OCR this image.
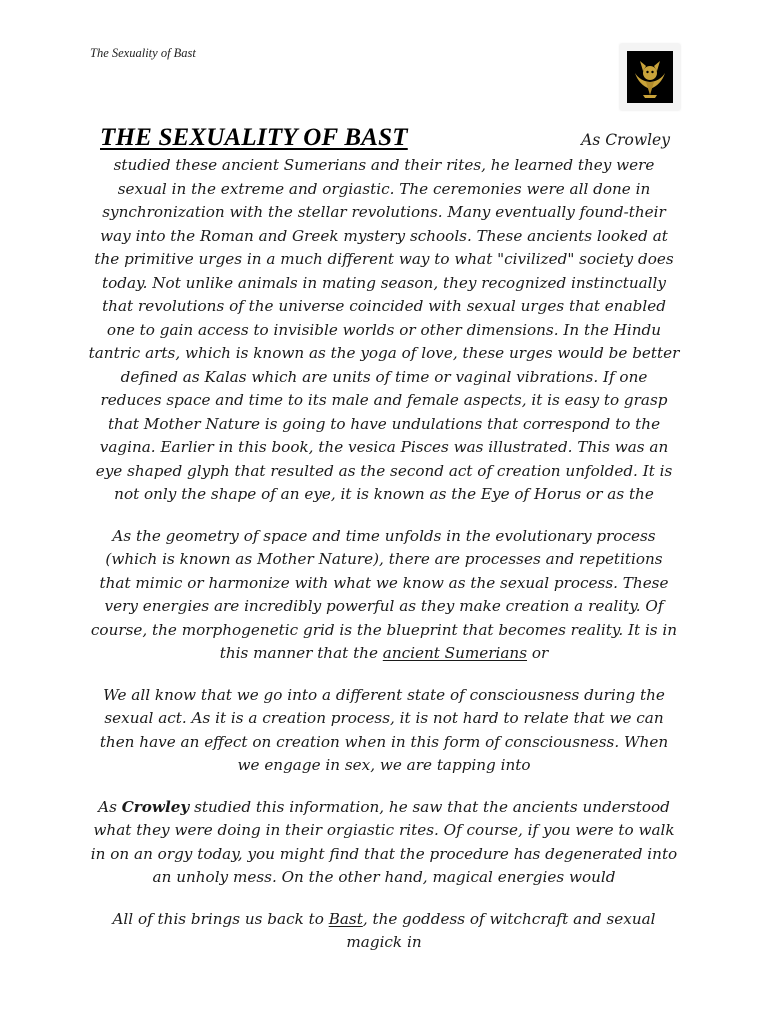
The Sexuality of Bast
THE SEXUALITY OF BAST	As Crowley

studied these ancient Sumerians and their rites, he learned they were sexual in the extreme and orgiastic. The ceremonies were all done in synchronization with the stellar revolutions. Many eventually found-their way into the Roman and Greek mystery schools. These ancients looked at the primitive urges in a much different way to what "civilized" society does today. Not unlike animals in mating season, they recognized instinctually that revolutions of the universe coincided with sexual urges that enabled one to gain access to invisible worlds or other dimensions. In the Hindu tantric arts, which is known as the yoga of love, these urges would be better defined as Kalas which are units of time or vaginal vibrations. If one reduces space and time to its male and female aspects, it is easy to grasp that Mother Nature is going to have undulations that correspond to the vagina. Earlier in this book, the vesica Pisces was illustrated. This was an eye shaped glyph that resulted as the second act of creation unfolded. It is not only the shape of an eye, it is known as the Eye of Horus or as the

As the geometry of space and time unfolds in the evolutionary process (which is known as Mother Nature), there are processes and repetitions that mimic or harmonize with what we know as the sexual process. These very energies are incredibly powerful as they make creation a reality. Of course, the morphogenetic grid is the blueprint that becomes reality. It is in this manner that the ancient Sumerians or

We all know that we go into a different state of consciousness during the sexual act. As it is a creation process, it is not hard to relate that we can then have an effect on creation when in this form of consciousness. When we engage in sex, we are tapping into

As Crowley studied this information, he saw that the ancients understood what they were doing in their orgiastic rites. Of course, if you were to walk in on an orgy today, you might find that the procedure has degenerated into an unholy mess. On the other hand, magical energies would

All of this brings us back to Bast, the goddess of witchcraft and sexual magick in
